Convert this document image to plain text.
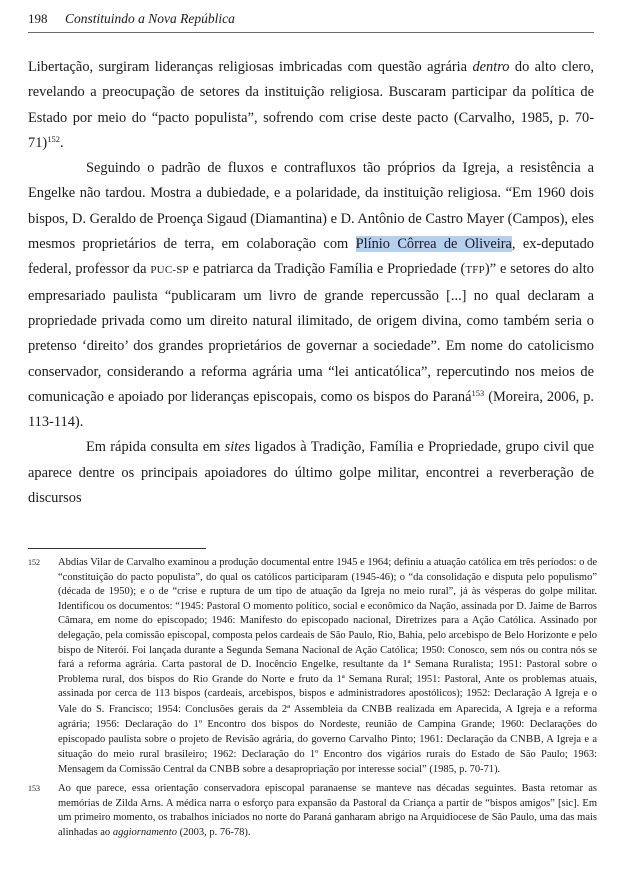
198 Constituindo a Nova República

Libertação, surgiram lideranças religiosas imbricadas com questão agrária dentro do alto clero, revelando a preocupação de setores da instituição religiosa. Buscaram participar da política de Estado por meio do “pacto populista”, sofrendo com crise deste pacto (Carvalho, 1985, p. 70-71)$^{152}$.

Seguindo o padrão de fluxos e contrafluxos tão próprios da Igreja, a resistência a Engelke não tardou. Mostra a dubiedade, e a polaridade, da instituição religiosa. “Em 1960 dois bispos, D. Geraldo de Proença Sigaud (Diamantina) e D. Antônio de Castro Mayer (Campos), eles mesmos proprietários de terra, em colaboração com Plínio Côrrea de Oliveira, ex-deputado federal, professor da PUC-SP e patriarca da Tradição Família e Propriedade (TFP)” e setores do alto empresariado paulista “publicaram um livro de grande repercussão [...] no qual declaram a propriedade privada como um direito natural ilimitado, de origem divina, como também seria o pretenso ‘direito’ dos grandes proprietários de governar a sociedade”. Em nome do catolicismo conservador, considerando a reforma agrária uma “lei anticatólica”, repercutindo nos meios de comunicação e apoiado por lideranças episcopais, como os bispos do Paraná$^{153}$ (Moreira, 2006, p. 113-114).

Em rápida consulta em sites ligados à Tradição, Família e Propriedade, grupo civil que aparece dentre os principais apoiadores do último golpe militar, encontrei a reverberação de discursos

152 Abdias Vilar de Carvalho examinou a produção documental entre 1945 e 1964; definiu a atuação católica em três períodos: o de “constituição do pacto populista”, do qual os católicos participaram (1945-46); o “da consolidação e disputa pelo populismo” (década de 1950); e o de “crise e ruptura de um tipo de atuação da Igreja no meio rural”, já às vésperas do golpe militar. Identificou os documentos: “1945: Pastoral O momento político, social e econômico da Nação, assinada por D. Jaime de Barros Câmara, em nome do episcopado; 1946: Manifesto do episcopado nacional, Diretrizes para a Ação Católica. Assinado por delegação, pela comissão episcopal, composta pelos cardeais de São Paulo, Rio, Bahia, pelo arcebispo de Belo Horizonte e pelo bispo de Niterói. Foi lançada durante a Segunda Semana Nacional de Ação Católica; 1950: Conosco, sem nós ou contra nós se fará a reforma agrária. Carta pastoral de D. Inocêncio Engelke, resultante da 1ª Semana Ruralista; 1951: Pastoral sobre o Problema rural, dos bispos do Rio Grande do Norte e fruto da 1ª Semana Rural; 1951: Pastoral, Ante os problemas atuais, assinada por cerca de 113 bispos (cardeais, arcebispos, bispos e administradores apostólicos); 1952: Declaração A Igreja e o Vale do S. Francisco; 1954: Conclusões gerais da 2ª Assembleia da CNBB realizada em Aparecida, A Igreja e a reforma agrária; 1956: Declaração do 1º Encontro dos bispos do Nordeste, reunião de Campina Grande; 1960: Declarações do episcopado paulista sobre o projeto de Revisão agrária, do governo Carvalho Pinto; 1961: Declaração da CNBB, A Igreja e a situação do meio rural brasileiro; 1962: Declaração do 1º Encontro dos vigários rurais do Estado de São Paulo; 1963: Mensagem da Comissão Central da CNBB sobre a desapropriação por interesse social” (1985, p. 70-71).

153 Ao que parece, essa orientação conservadora episcopal paranaense se manteve nas décadas seguintes. Basta retomar as memórias de Zilda Arns. A médica narra o esforço para expansão da Pastoral da Criança a partir de “bispos amigos” [sic]. Em um primeiro momento, os trabalhos iniciados no norte do Paraná ganharam abrigo na Arquidiocese de São Paulo, uma das mais alinhadas ao aggiornamento (2003, p. 76-78).
